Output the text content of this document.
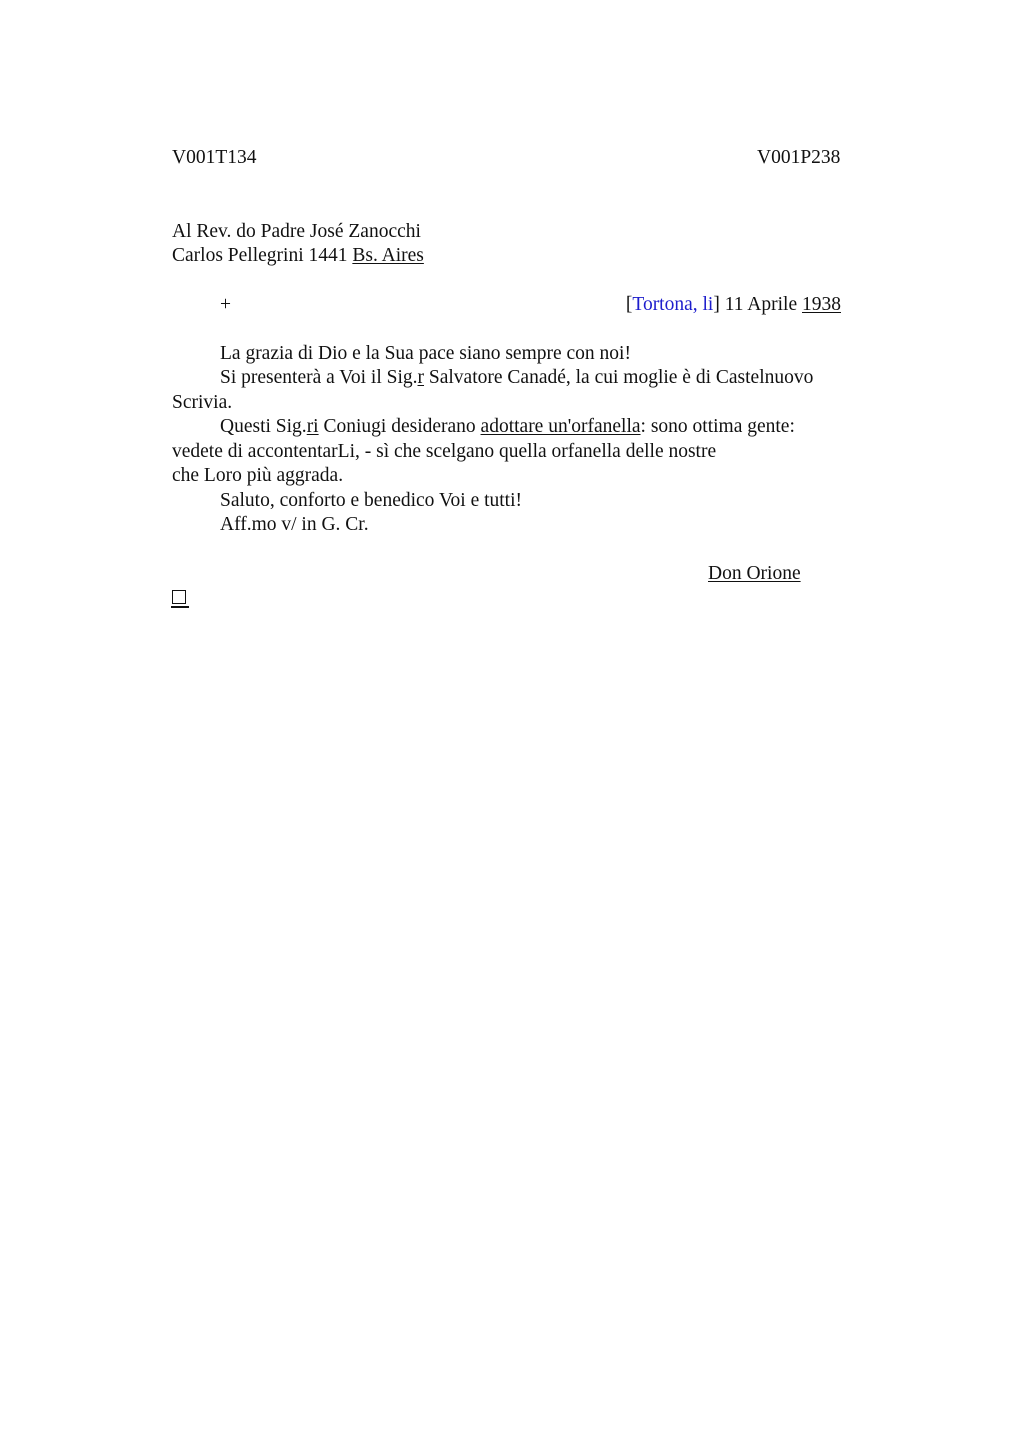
V001T134	V001P238
Al Rev. do Padre José Zanocchi
Carlos Pellegrini 1441 Bs. Aires
+	[Tortona, li] 11 Aprile 1938
La grazia di Dio e la Sua pace siano sempre con noi!
Si presenterà a Voi il Sig.r Salvatore Canadé, la cui moglie è di Castelnuovo
Scrivia.
Questi Sig.ri Coniugi desiderano adottare un'orfanella: sono ottima gente:
vedete di accontentarLi, - sì che scelgano quella orfanella delle nostre
che Loro più aggrada.
Saluto, conforto e benedico Voi e tutti!
Aff.mo v/ in G. Cr.
Don Orione
